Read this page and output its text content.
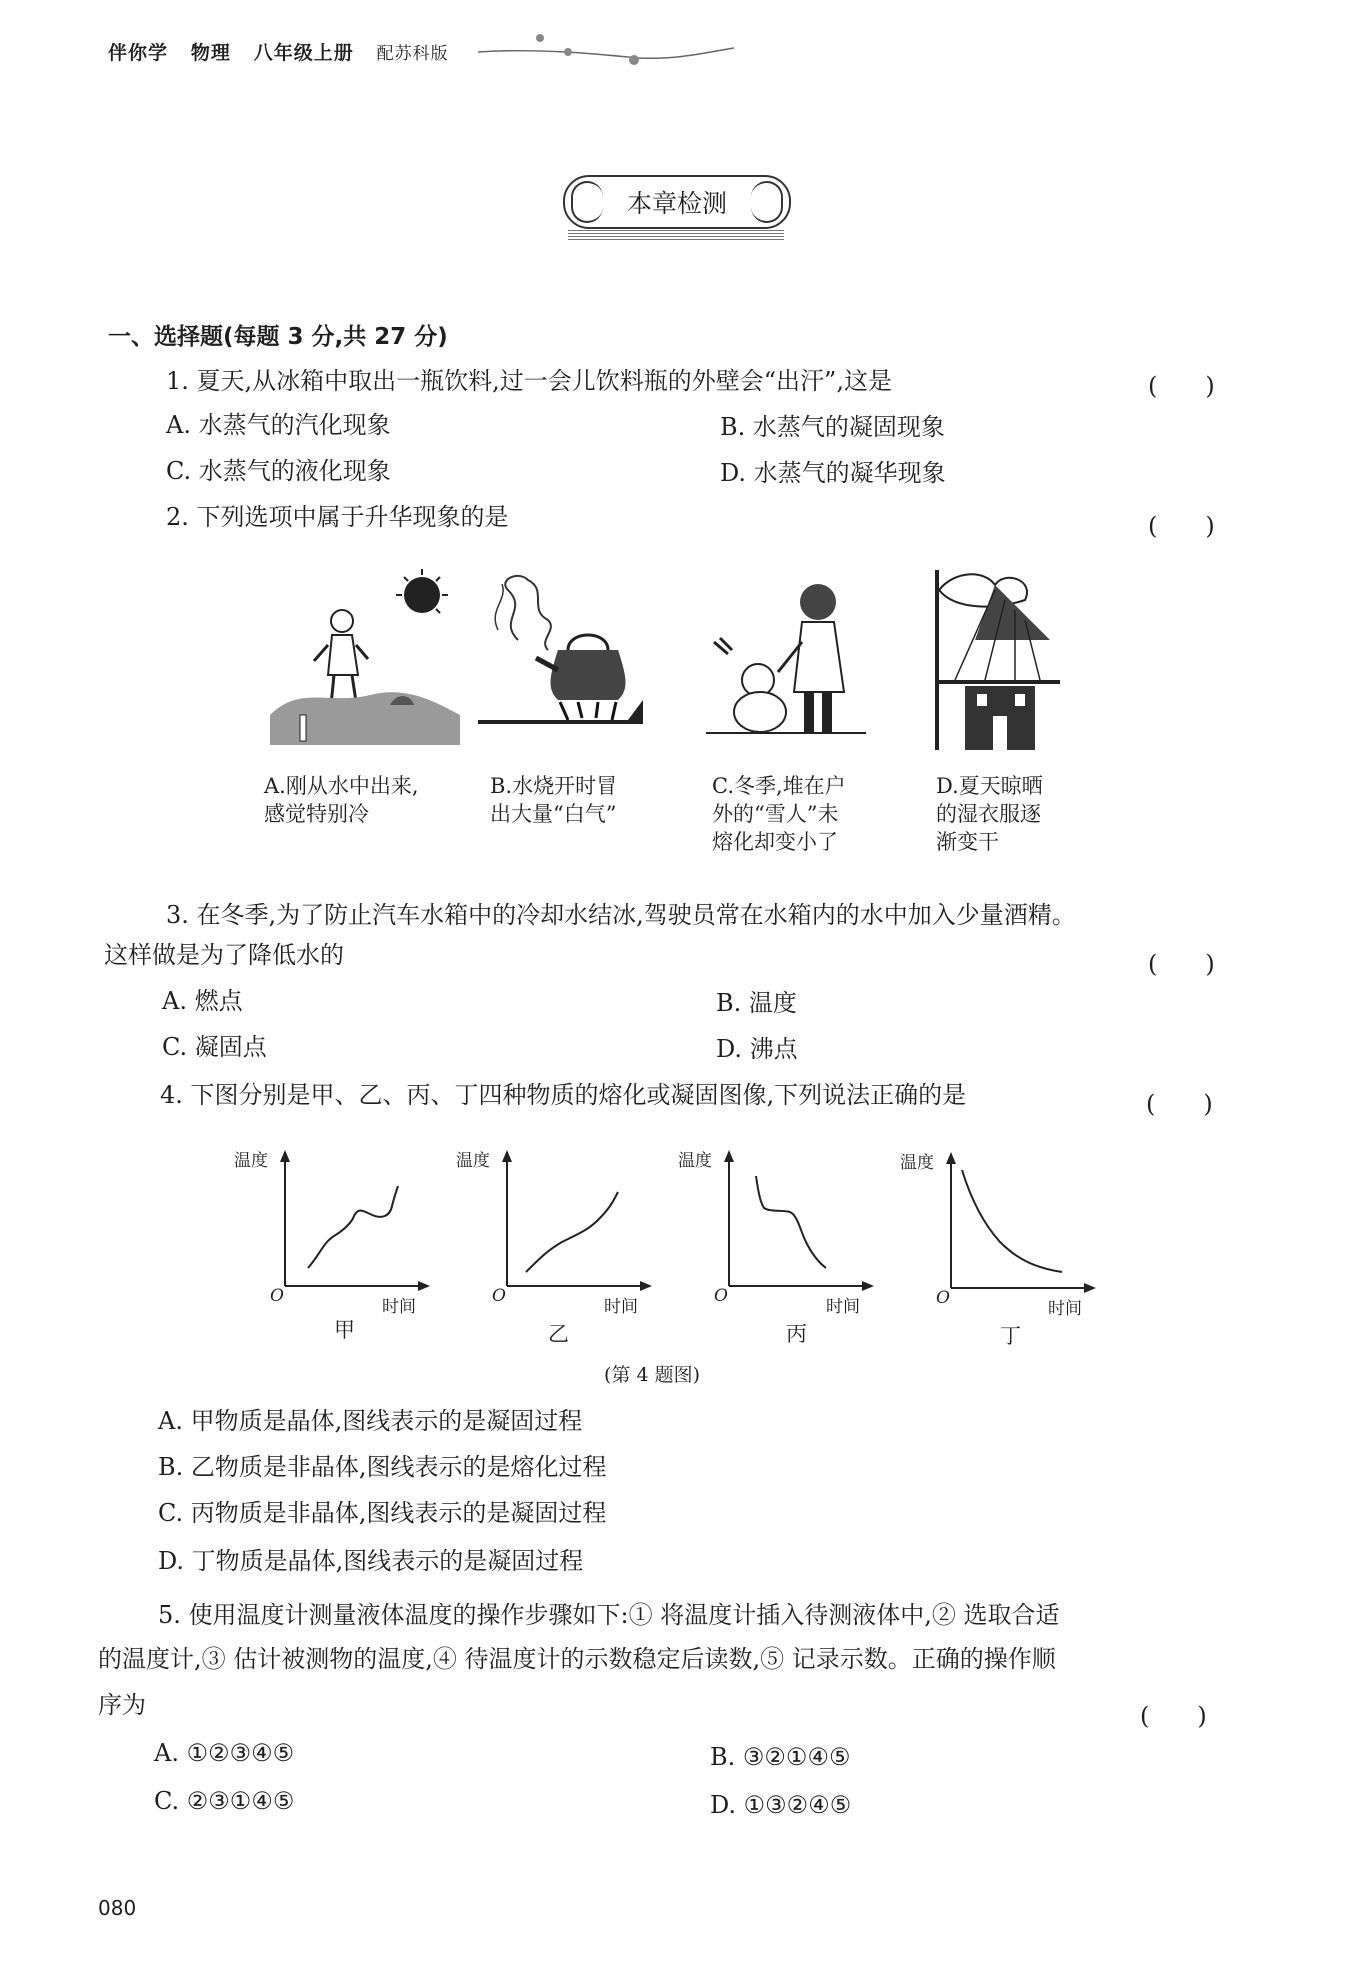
伴你学 物理 八年级上册 配苏科版
本章检测
一、选择题(每题 3 分,共 27 分)
1. 夏天,从冰箱中取出一瓶饮料,过一会儿饮料瓶的外壁会“出汗”,这是	(　　)
A. 水蒸气的汽化现象	B. 水蒸气的凝固现象
C. 水蒸气的液化现象	D. 水蒸气的凝华现象
2. 下列选项中属于升华现象的是	(　　)
A.刚从水中出来,
感觉特别冷
B.水烧开时冒
出大量“白气”
C.冬季,堆在户
外的“雪人”未
熔化却变小了
D.夏天晾晒
的湿衣服逐
渐变干
3. 在冬季,为了防止汽车水箱中的冷却水结冰,驾驶员常在水箱内的水中加入少量酒精。
这样做是为了降低水的	(　　)
A. 燃点	B. 温度
C. 凝固点	D. 沸点
4. 下图分别是甲、乙、丙、丁四种物质的熔化或凝固图像,下列说法正确的是	(　　)
温度
O
时间
甲
温度
O
时间
乙
温度
O
时间
丙
温度
O
时间
丁
(第 4 题图)
A. 甲物质是晶体,图线表示的是凝固过程
B. 乙物质是非晶体,图线表示的是熔化过程
C. 丙物质是非晶体,图线表示的是凝固过程
D. 丁物质是晶体,图线表示的是凝固过程
5. 使用温度计测量液体温度的操作步骤如下:① 将温度计插入待测液体中,② 选取合适
的温度计,③ 估计被测物的温度,④ 待温度计的示数稳定后读数,⑤ 记录示数。正确的操作顺
序为	(　　)
A. ①②③④⑤	B. ③②①④⑤
C. ②③①④⑤	D. ①③②④⑤
080
